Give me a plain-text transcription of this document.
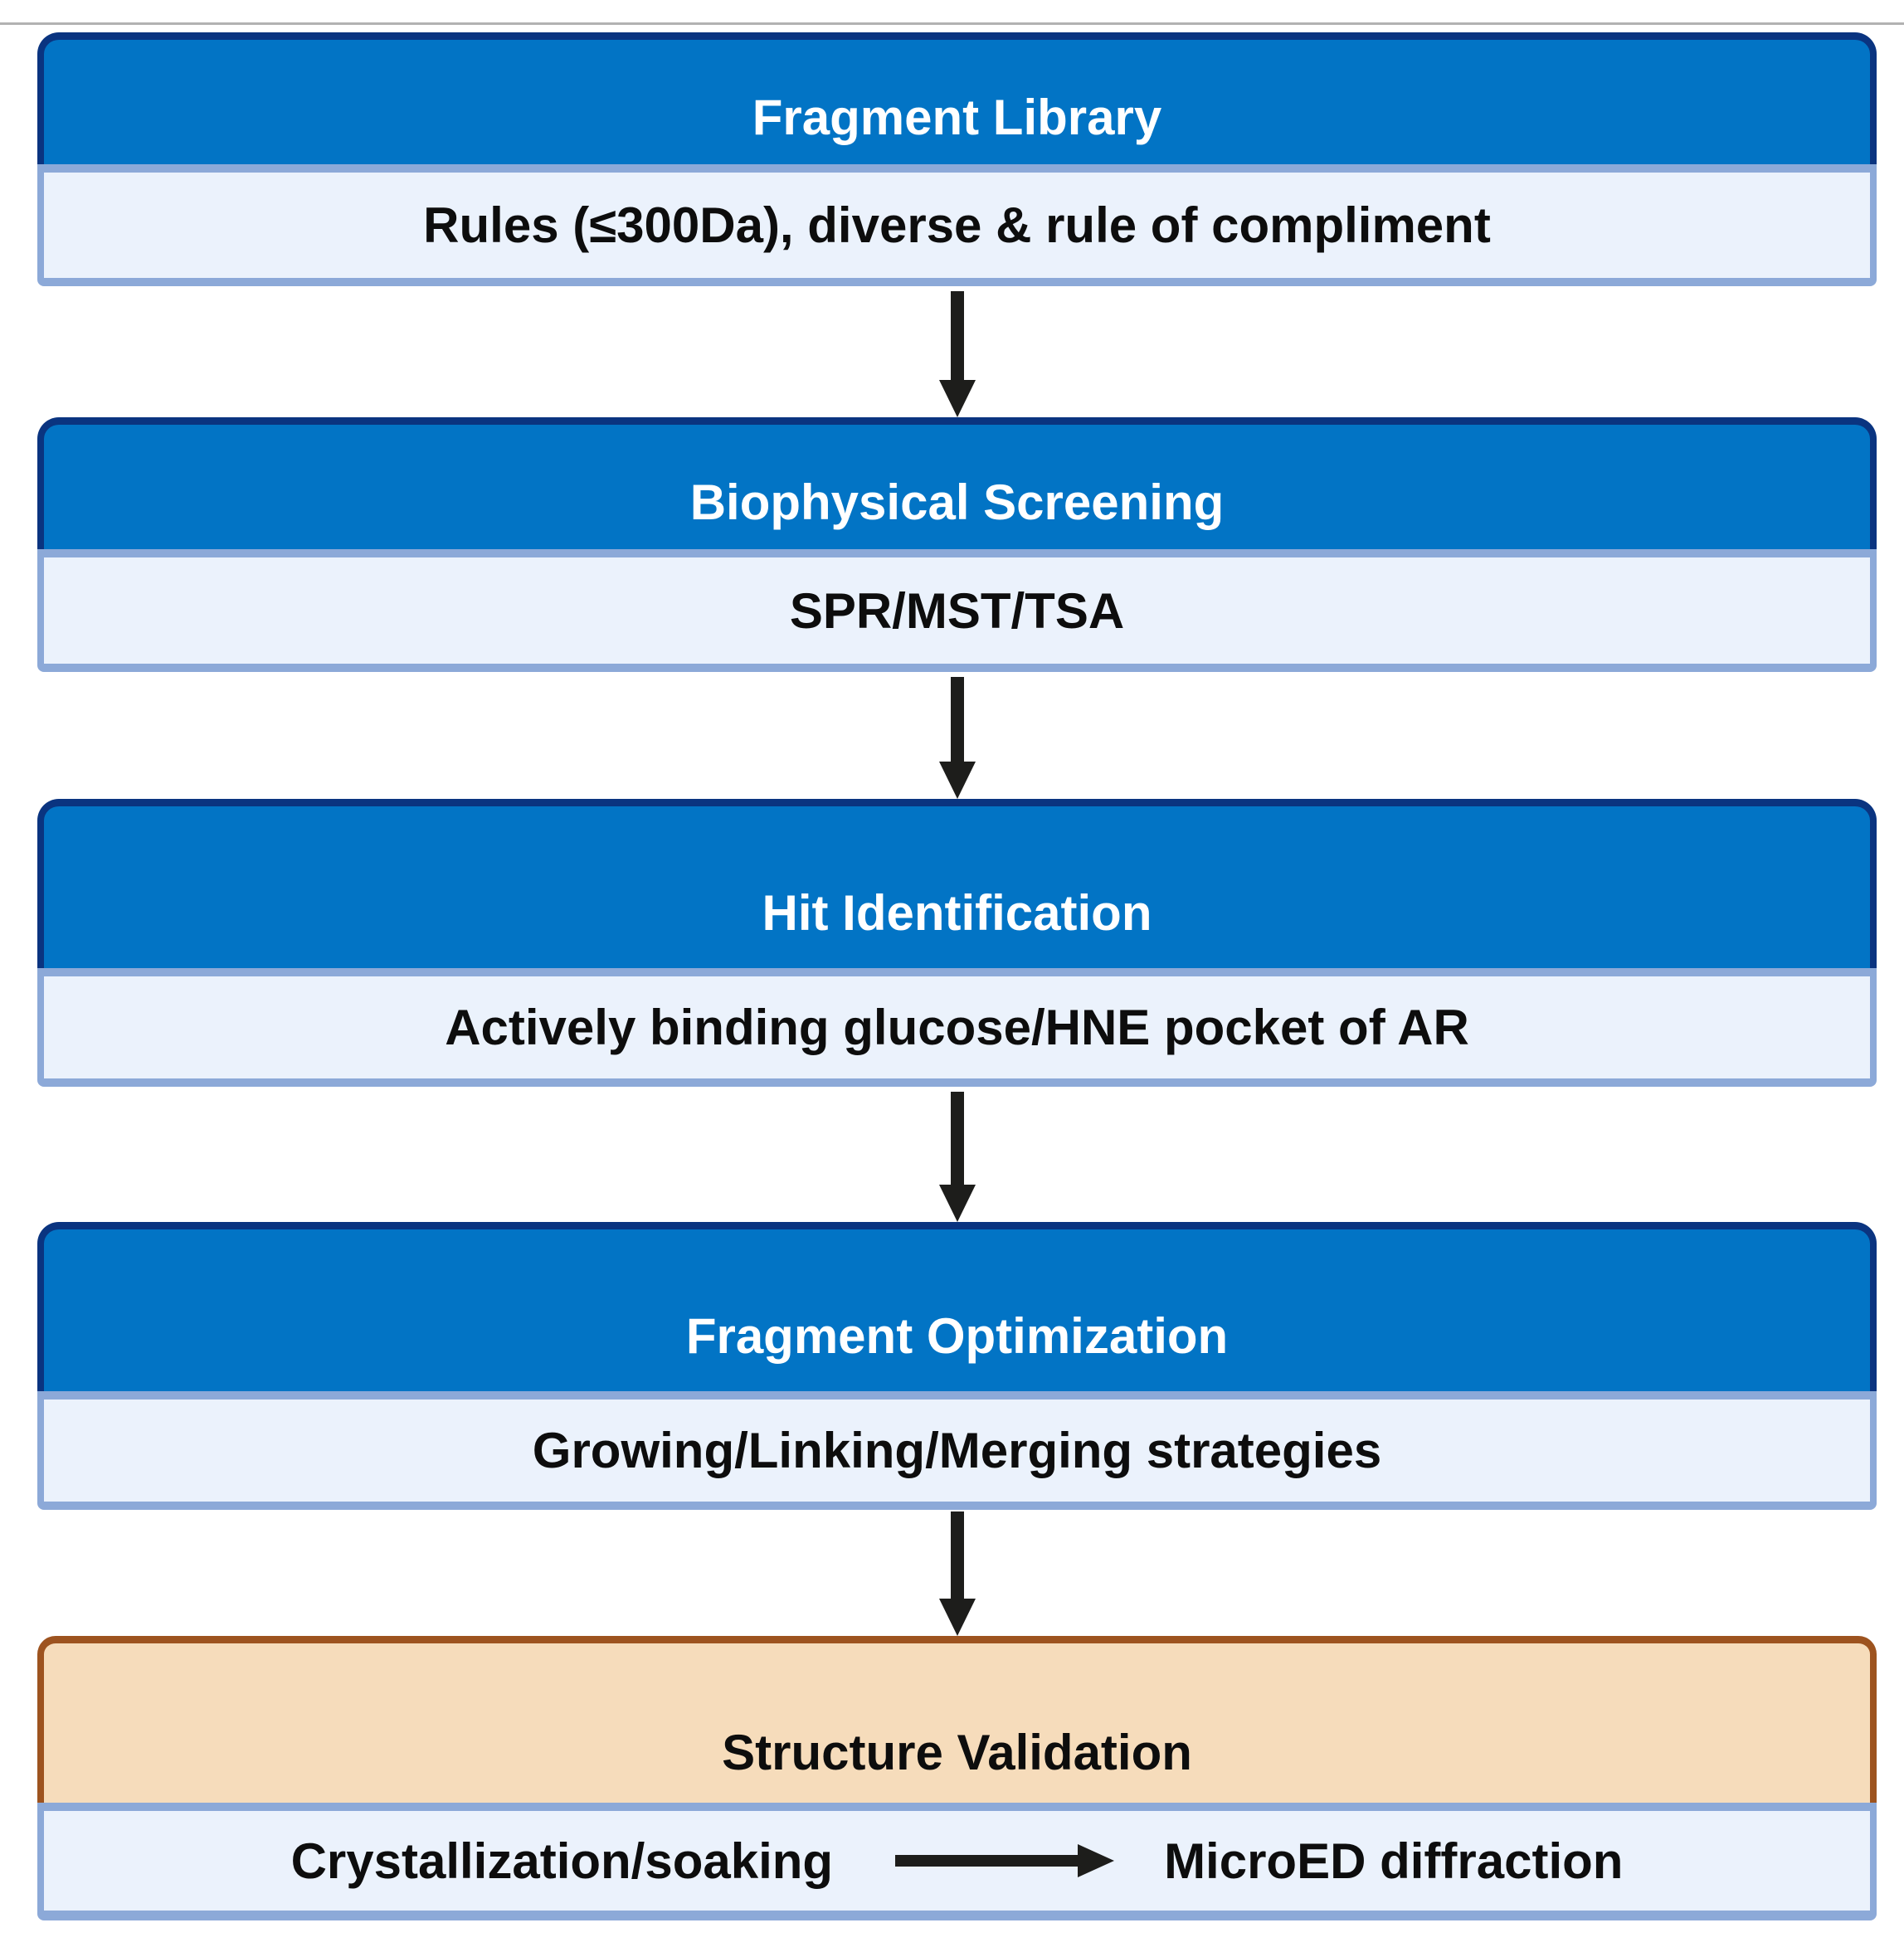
Fragment Library
Rules (≤300Da), diverse & rule of compliment
Biophysical Screening
SPR/MST/TSA
Hit Identification
Actively binding glucose/HNE pocket of AR
Fragment Optimization
Growing/Linking/Merging strategies
Structure Validation
Crystallization/soaking	MicroED diffraction
